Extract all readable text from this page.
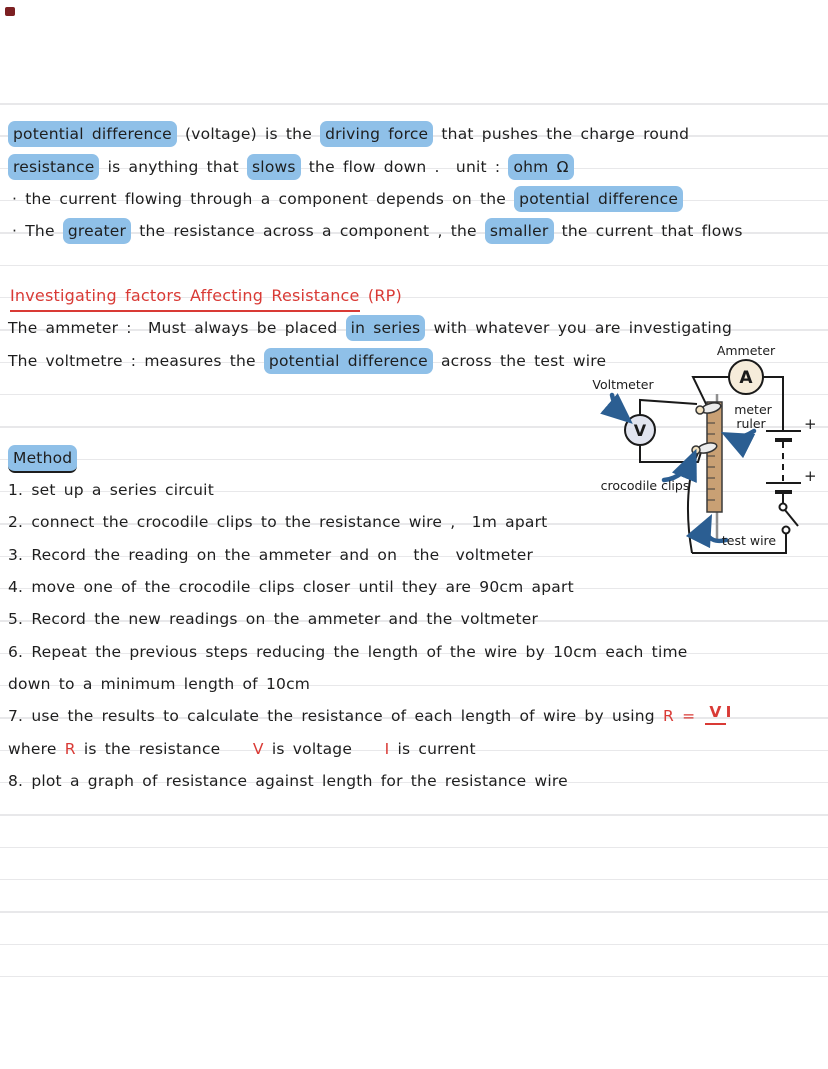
potential difference (voltage) is the driving force that pushes the charge round
resistance is anything that slows the flow down .  unit : ohm Ω
· the current flowing through a component depends on the potential difference
· The greater the resistance across a component , the smaller the current that flows
Investigating factors Affecting Resistance (RP)
The ammeter :  Must always be placed in series with whatever you are investigating
The voltmetre : measures the potential difference across the test wire
Method
1. set up a series circuit
2. connect the crocodile clips to the resistance wire ,  1m apart
3. Record the reading on the ammeter and on  the  voltmeter
4. move one of the crocodile clips closer until they are 90cm apart
5. Record the new readings on the ammeter and the voltmeter
6. Repeat the previous steps reducing the length of the wire by 10cm each time
down to a minimum length of 10cm
7. use the results to calculate the resistance of each length of wire by using R = V I
where R is the resistance    V is voltage    I is current
8. plot a graph of resistance against length for the resistance wire
+
+
A
V
Ammeter
Voltmeter
meter
ruler
crocodile clips
test wire
